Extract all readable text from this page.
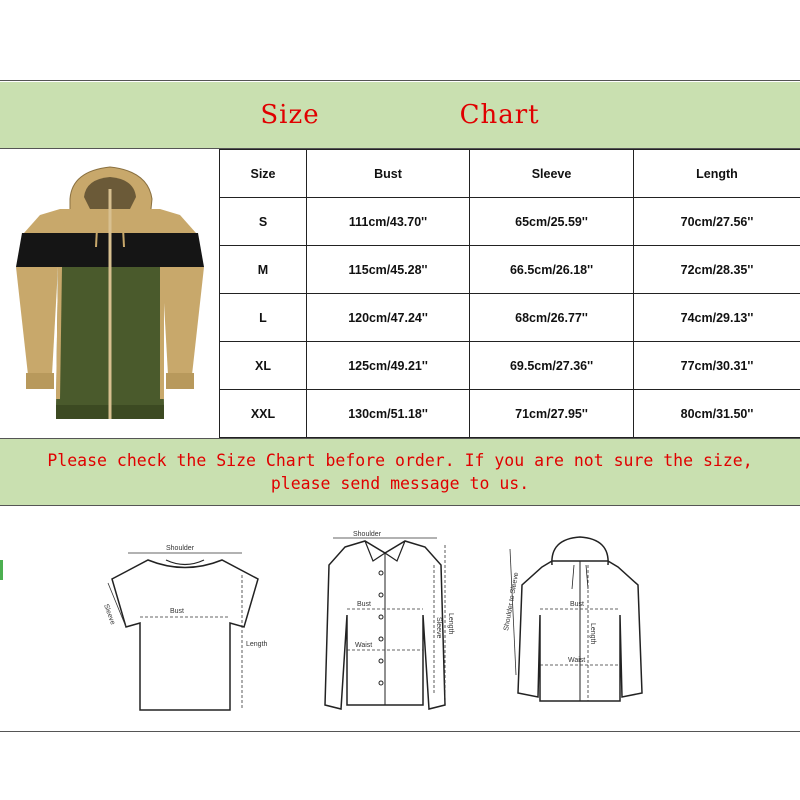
Size	Chart
Size	Bust	Sleeve	Length
S	111cm/43.70''	65cm/25.59''	70cm/27.56''
M	115cm/45.28''	66.5cm/26.18''	72cm/28.35''
L	120cm/47.24''	68cm/26.77''	74cm/29.13''
XL	125cm/49.21''	69.5cm/27.36''	77cm/30.31''
XXL	130cm/51.18''	71cm/27.95''	80cm/31.50''
Please check the Size Chart before order. If you are not sure the size,
please send message to us.
Shoulder
Sleeve	Bust
Length
Shoulder
Bust
Waist
Sleeve Length	Shoulder to Sleeve	Bust
Length
Waist
